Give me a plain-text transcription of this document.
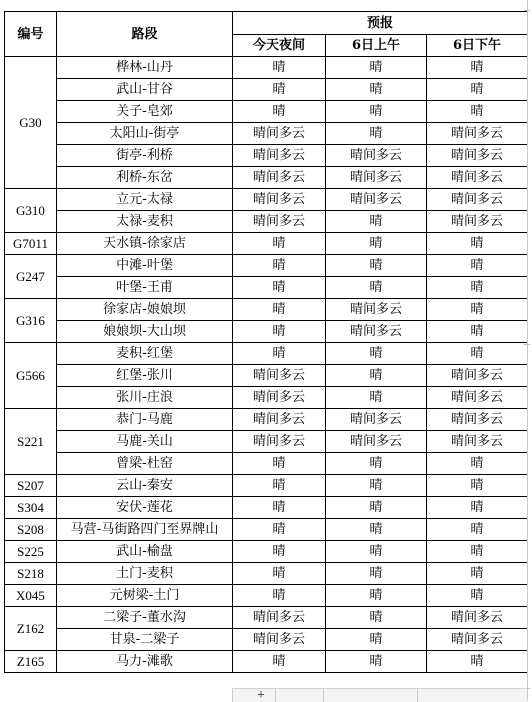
编号	路段	预报		
		今天夜间	6日上午	6日下午
G30	桦林-山丹	晴	晴	晴
	武山-甘谷	晴	晴	晴
	关子-皂郊	晴	晴	晴
	太阳山-街亭	晴间多云	晴	晴间多云
	街亭-利桥	晴间多云	晴间多云	晴间多云
	利桥-东岔	晴间多云	晴间多云	晴间多云
G310	立元-太禄	晴间多云	晴间多云	晴间多云
	太禄-麦积	晴间多云	晴	晴间多云
G7011	天水镇-徐家店	晴	晴	晴
G247	中滩-叶堡	晴	晴	晴
	叶堡-王甫	晴	晴	晴
G316	徐家店-娘娘坝	晴	晴间多云	晴
	娘娘坝-大山坝	晴	晴间多云	晴
G566	麦积-红堡	晴	晴	晴
	红堡-张川	晴间多云	晴	晴间多云
	张川-庄浪	晴间多云	晴	晴间多云
S221	恭门-马鹿	晴间多云	晴间多云	晴间多云
	马鹿-关山	晴间多云	晴间多云	晴间多云
	曾梁-杜窑	晴	晴	晴
S207	云山-秦安	晴	晴	晴
S304	安伏-莲花	晴	晴	晴
S208	马营-马街路四门至界牌山	晴	晴	晴
S225	武山-榆盘	晴	晴	晴
S218	土门-麦积	晴	晴	晴
X045	元树梁-土门	晴	晴	晴
Z162	二梁子-董水沟	晴间多云	晴	晴间多云
	甘泉-二梁子	晴间多云	晴	晴间多云
Z165	马力-滩歌	晴	晴	晴
+
